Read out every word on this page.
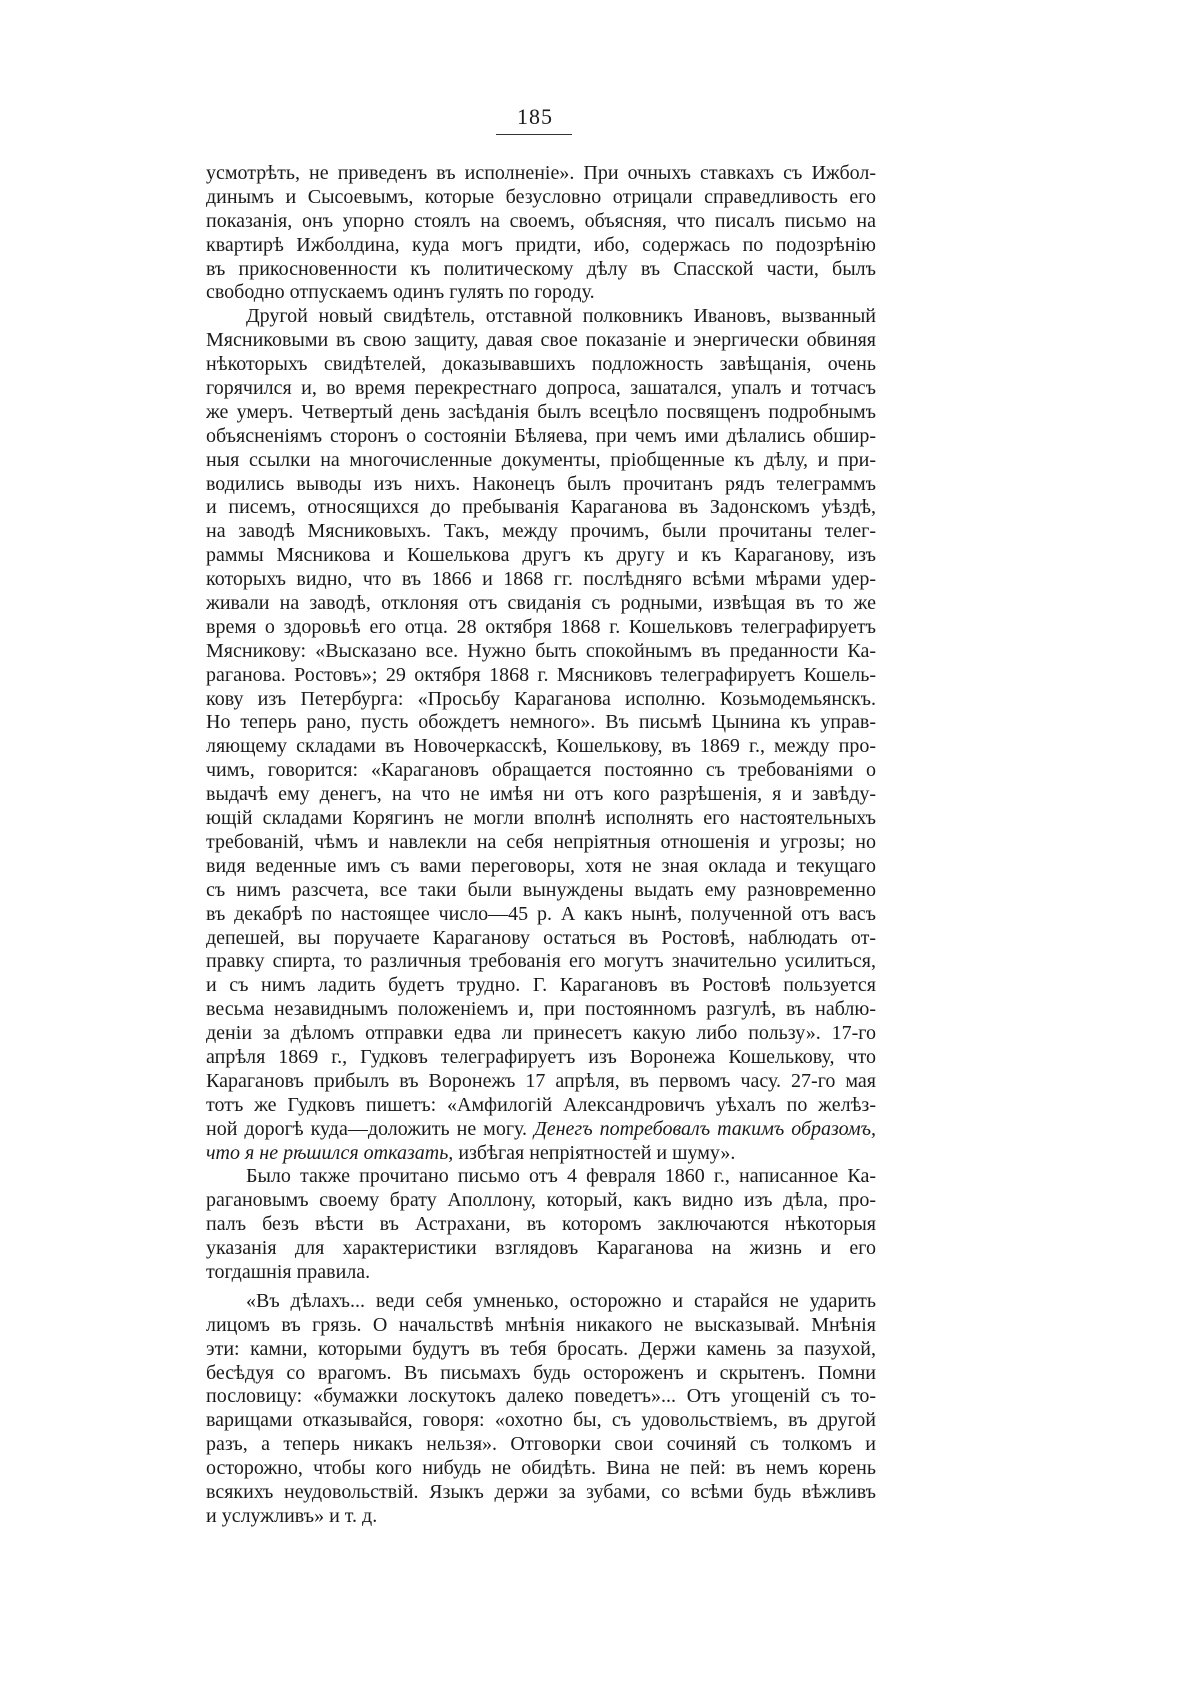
185
усмотрѣть, не приведенъ въ исполненіе». При очныхъ ставкахъ съ Ижбол-
динымъ и Сысоевымъ, которые безусловно отрицали справедливость его
показанія, онъ упорно стоялъ на своемъ, объясняя, что писалъ письмо на
квартирѣ Ижболдина, куда могъ придти, ибо, содержась по подозрѣнію
въ прикосновенности къ политическому дѣлу въ Спасской части, былъ
свободно отпускаемъ одинъ гулять по городу.
Другой новый свидѣтель, отставной полковникъ Ивановъ, вызванный
Мясниковыми въ свою защиту, давая свое показаніе и энергически обвиняя
нѣкоторыхъ свидѣтелей, доказывавшихъ подложность завѣщанія, очень
горячился и, во время перекрестнаго допроса, зашатался, упалъ и тотчасъ
же умеръ. Четвертый день засѣданія былъ всецѣло посвященъ подробнымъ
объясненіямъ сторонъ о состояніи Бѣляева, при чемъ ими дѣлались обшир-
ныя ссылки на многочисленные документы, пріобщенные къ дѣлу, и при-
водились выводы изъ нихъ. Наконецъ былъ прочитанъ рядъ телеграммъ
и писемъ, относящихся до пребыванія Караганова въ Задонскомъ уѣздѣ,
на заводѣ Мясниковыхъ. Такъ, между прочимъ, были прочитаны телег-
раммы Мясникова и Кошелькова другъ къ другу и къ Караганову, изъ
которыхъ видно, что въ 1866 и 1868 гг. послѣдняго всѣми мѣрами удер-
живали на заводѣ, отклоняя отъ свиданія съ родными, извѣщая въ то же
время о здоровьѣ его отца. 28 октября 1868 г. Кошельковъ телеграфируетъ
Мясникову: «Высказано все. Нужно быть спокойнымъ въ преданности Ка-
раганова. Ростовъ»; 29 октября 1868 г. Мясниковъ телеграфируетъ Кошель-
кову изъ Петербурга: «Просьбу Караганова исполню. Козьмодемьянскъ.
Но теперь рано, пусть обождетъ немного». Въ письмѣ Цынина къ управ-
ляющему складами въ Новочеркасскѣ, Кошелькову, въ 1869 г., между про-
чимъ, говорится: «Карагановъ обращается постоянно съ требованіями о
выдачѣ ему денегъ, на что не имѣя ни отъ кого разрѣшенія, я и завѣду-
ющій складами Корягинъ не могли вполнѣ исполнять его настоятельныхъ
требованій, чѣмъ и навлекли на себя непріятныя отношенія и угрозы; но
видя веденные имъ съ вами переговоры, хотя не зная оклада и текущаго
съ нимъ разсчета, все таки были вынуждены выдать ему разновременно
въ декабрѣ по настоящее число—45 р. А какъ нынѣ, полученной отъ васъ
депешей, вы поручаете Караганову остаться въ Ростовѣ, наблюдать от-
правку спирта, то различныя требованія его могутъ значительно усилиться,
и съ нимъ ладить будетъ трудно. Г. Карагановъ въ Ростовѣ пользуется
весьма незавиднымъ положеніемъ и, при постоянномъ разгулѣ, въ наблю-
деніи за дѣломъ отправки едва ли принесетъ какую либо пользу». 17-го
апрѣля 1869 г., Гудковъ телеграфируетъ изъ Воронежа Кошелькову, что
Карагановъ прибылъ въ Воронежъ 17 апрѣля, въ первомъ часу. 27-го мая
тотъ же Гудковъ пишетъ: «Амфилогій Александровичъ уѣхалъ по желѣз-
ной дорогѣ куда—доложить не могу. Денегъ потребовалъ такимъ образомъ,
что я не рѣшился отказать, избѣгая непріятностей и шуму».
Было также прочитано письмо отъ 4 февраля 1860 г., написанное Ка-
рагановымъ своему брату Аполлону, который, какъ видно изъ дѣла, про-
палъ безъ вѣсти въ Астрахани, въ которомъ заключаются нѣкоторыя
указанія для характеристики взглядовъ Караганова на жизнь и его
тогдашнія правила.
«Въ дѣлахъ... веди себя умненько, осторожно и старайся не ударить
лицомъ въ грязь. О начальствѣ мнѣнія никакого не высказывай. Мнѣнія
эти: камни, которыми будутъ въ тебя бросать. Держи камень за пазухой,
бесѣдуя со врагомъ. Въ письмахъ будь остороженъ и скрытенъ. Помни
пословицу: «бумажки лоскутокъ далеко поведетъ»... Отъ угощеній съ то-
варищами отказывайся, говоря: «охотно бы, съ удовольствіемъ, въ другой
разъ, а теперь никакъ нельзя». Отговорки свои сочиняй съ толкомъ и
осторожно, чтобы кого нибудь не обидѣть. Вина не пей: въ немъ корень
всякихъ неудовольствій. Языкъ держи за зубами, со всѣми будь вѣжливъ
и услужливъ» и т. д.
